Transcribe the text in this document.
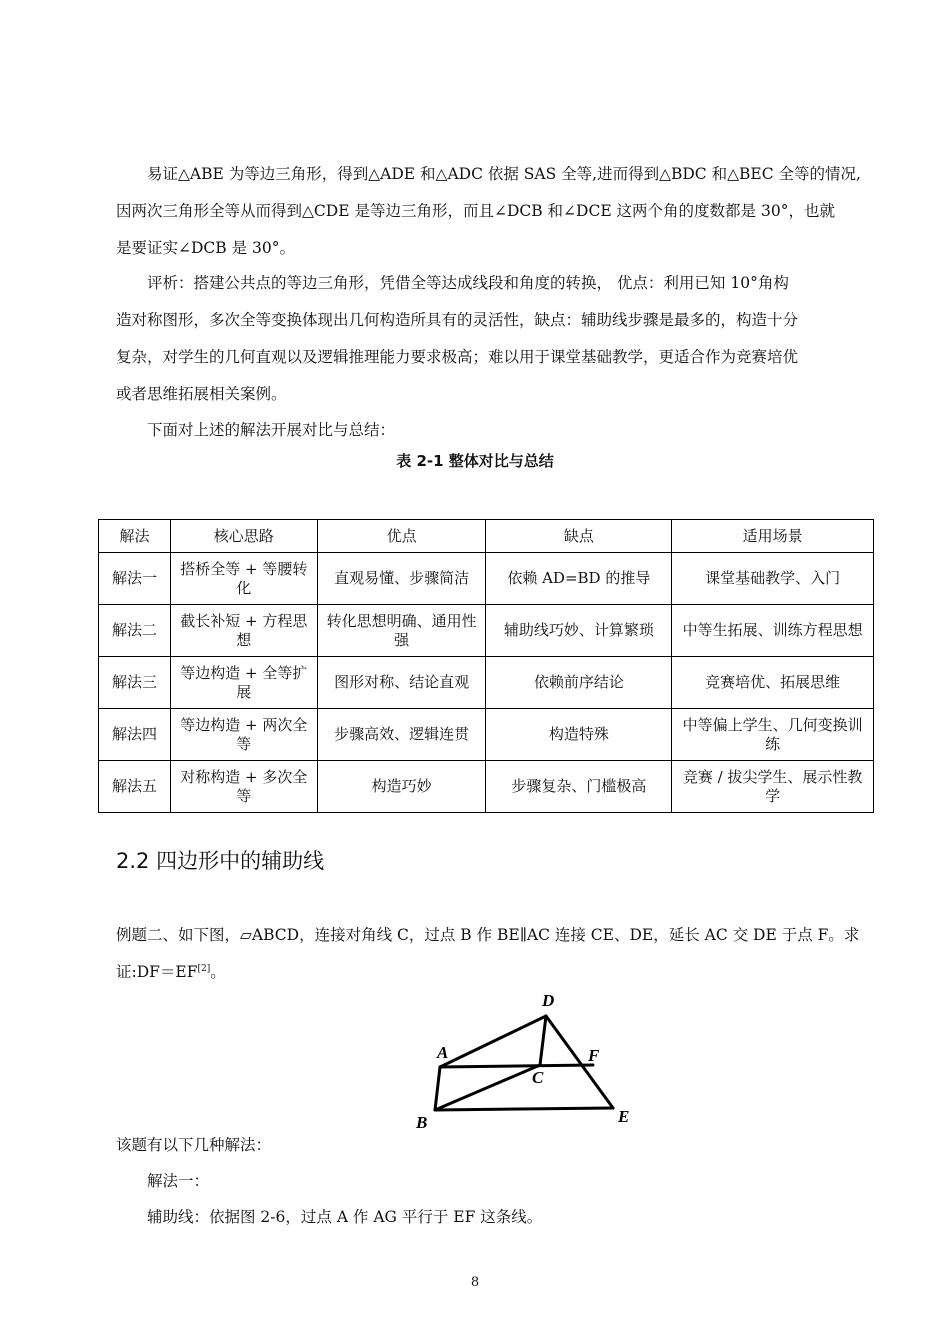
易证△ABE 为等边三角形，得到△ADE 和△ADC 依据 SAS 全等,进而得到△BDC 和△BEC 全等的情况,
因两次三角形全等从而得到△CDE 是等边三角形，而且∠DCB 和∠DCE 这两个角的度数都是 30°，也就
是要证实∠DCB 是 30°。
评析：搭建公共点的等边三角形，凭借全等达成线段和角度的转换， 优点：利用已知 10°角构
造对称图形，多次全等变换体现出几何构造所具有的灵活性，缺点：辅助线步骤是最多的，构造十分
复杂，对学生的几何直观以及逻辑推理能力要求极高；难以用于课堂基础教学，更适合作为竞赛培优
或者思维拓展相关案例。
下面对上述的解法开展对比与总结：
表 2-1 整体对比与总结
解法	核心思路	优点	缺点	适用场景
解法一	搭桥全等 + 等腰转化	直观易懂、步骤简洁	依赖 AD=BD 的推导	课堂基础教学、入门
解法二	截长补短 + 方程思想	转化思想明确、通用性强	辅助线巧妙、计算繁琐	中等生拓展、训练方程思想
解法三	等边构造 + 全等扩展	图形对称、结论直观	依赖前序结论	竞赛培优、拓展思维
解法四	等边构造 + 两次全等	步骤高效、逻辑连贯	构造特殊	中等偏上学生、几何变换训练
解法五	对称构造 + 多次全等	构造巧妙	步骤复杂、门槛极高	竞赛 / 拔尖学生、展示性教学
2.2 四边形中的辅助线
例题二、如下图，▱ABCD，连接对角线 C，过点 B 作 BE∥AC 连接 CE、DE，延长 AC 交 DE 于点 F。求
证:DF＝EF[2]。
D
A	F
C
B	E
该题有以下几种解法：
解法一：
辅助线：依据图 2-6，过点 A 作 AG 平行于 EF 这条线。
8
